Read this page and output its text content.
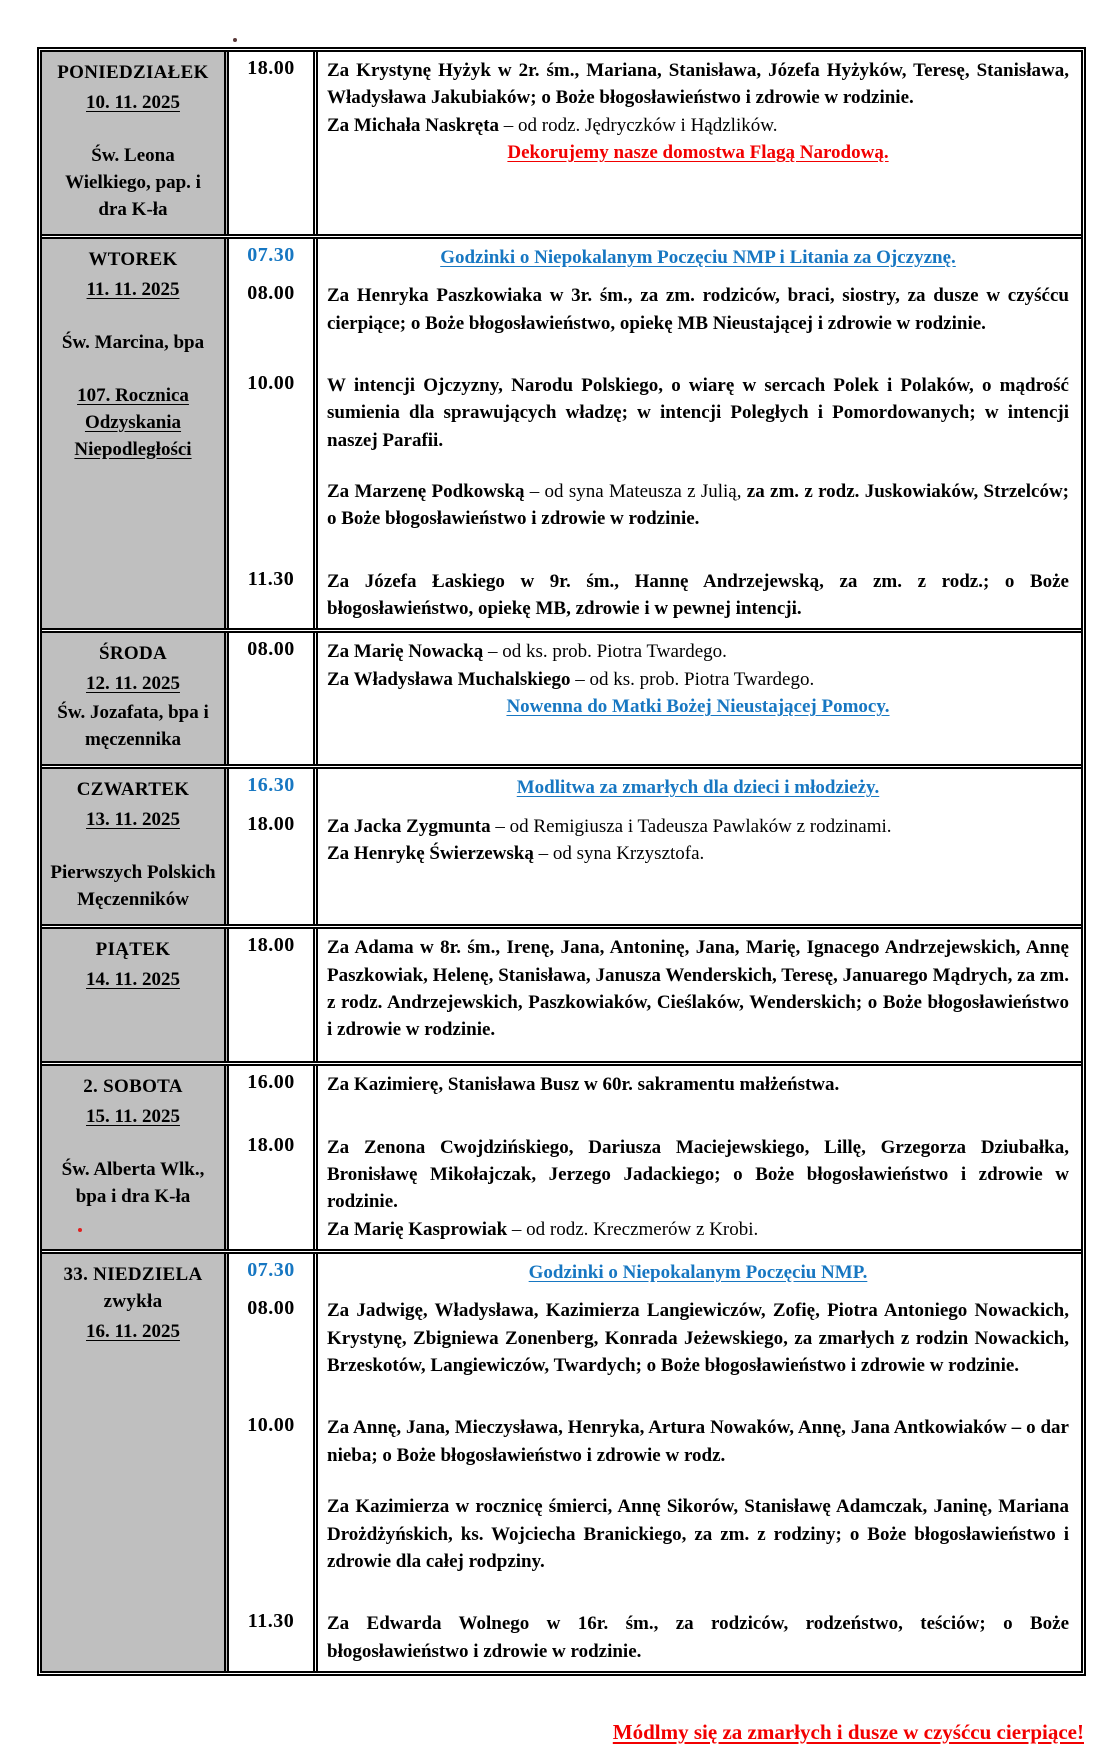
PONIEDZIAŁEK
10. 11. 2025
Św. Leona Wielkiego, pap. i dra K-ła
18.00	Za Krystynę Hyżyk w 2r. śm., Mariana, Stanisława, Józefa Hyżyków, Teresę, Stanisława, Władysława Jakubiaków; o Boże błogosławieństwo i zdrowie w rodzinie.

Za Michała Naskręta – od rodz. Jędryczków i Hądzlików.

Dekorujemy nasze domostwa Flagą Narodową.

WTOREK
11. 11. 2025
Św. Marcina, bpa
107. Rocznica Odzyskania Niepodległości
07.30	Godzinki o Niepokalanym Poczęciu NMP i Litania za Ojczyznę.

08.00	Za Henryka Paszkowiaka w 3r. śm., za zm. rodziców, braci, siostry, za dusze w czyśćcu cierpiące; o Boże błogosławieństwo, opiekę MB Nieustającej i zdrowie w rodzinie.

10.00	W intencji Ojczyzny, Narodu Polskiego, o wiarę w sercach Polek i Polaków, o mądrość sumienia dla sprawujących władzę; w intencji Poległych i Pomordowanych; w intencji naszej Parafii.

Za Marzenę Podkowską – od syna Mateusza z Julią, za zm. z rodz. Juskowiaków, Strzelców; o Boże błogosławieństwo i zdrowie w rodzinie.

11.30	Za Józefa Łaskiego w 9r. śm., Hannę Andrzejewską, za zm. z rodz.; o Boże błogosławieństwo, opiekę MB, zdrowie i w pewnej intencji.

ŚRODA
12. 11. 2025
Św. Jozafata, bpa i męczennika
08.00	Za Marię Nowacką – od ks. prob. Piotra Twardego.

Za Władysława Muchalskiego – od ks. prob. Piotra Twardego.

Nowenna do Matki Bożej Nieustającej Pomocy.

CZWARTEK
13. 11. 2025
Pierwszych Polskich Męczenników
16.30	Modlitwa za zmarłych dla dzieci i młodzieży.

18.00	Za Jacka Zygmunta – od Remigiusza i Tadeusza Pawlaków z rodzinami.

Za Henrykę Świerzewską – od syna Krzysztofa.

PIĄTEK
14. 11. 2025
18.00	Za Adama w 8r. śm., Irenę, Jana, Antoninę, Jana, Marię, Ignacego Andrzejewskich, Annę Paszkowiak, Helenę, Stanisława, Janusza Wenderskich, Teresę, Januarego Mądrych, za zm. z rodz. Andrzejewskich, Paszkowiaków, Cieślaków, Wenderskich; o Boże błogosławieństwo i zdrowie w rodzinie.

2. SOBOTA
15. 11. 2025
Św. Alberta Wlk., bpa i dra K-ła
16.00	Za Kazimierę, Stanisława Busz w 60r. sakramentu małżeństwa.

18.00	Za Zenona Cwojdzińskiego, Dariusza Maciejewskiego, Lillę, Grzegorza Dziubałka, Bronisławę Mikołajczak, Jerzego Jadackiego; o Boże błogosławieństwo i zdrowie w rodzinie.

Za Marię Kasprowiak – od rodz. Kreczmerów z Krobi.

33. NIEDZIELA
zwykła
16. 11. 2025
07.30	Godzinki o Niepokalanym Poczęciu NMP.

08.00	Za Jadwigę, Władysława, Kazimierza Langiewiczów, Zofię, Piotra Antoniego Nowackich, Krystynę, Zbigniewa Zonenberg, Konrada Jeżewskiego, za zmarłych z rodzin Nowackich, Brzeskotów, Langiewiczów, Twardych; o Boże błogosławieństwo i zdrowie w rodzinie.

10.00	Za Annę, Jana, Mieczysława, Henryka, Artura Nowaków, Annę, Jana Antkowiaków – o dar nieba; o Boże błogosławieństwo i zdrowie w rodz.

Za Kazimierza w rocznicę śmierci, Annę Sikorów, Stanisławę Adamczak, Janinę, Mariana Drożdżyńskich, ks. Wojciecha Branickiego, za zm. z rodziny; o Boże błogosławieństwo i zdrowie dla całej rodpziny.

11.30	Za Edwarda Wolnego w 16r. śm., za rodziców, rodzeństwo, teściów; o Boże błogosławieństwo i zdrowie w rodzinie.

Módlmy się za zmarłych i dusze w czyśćcu cierpiące!
